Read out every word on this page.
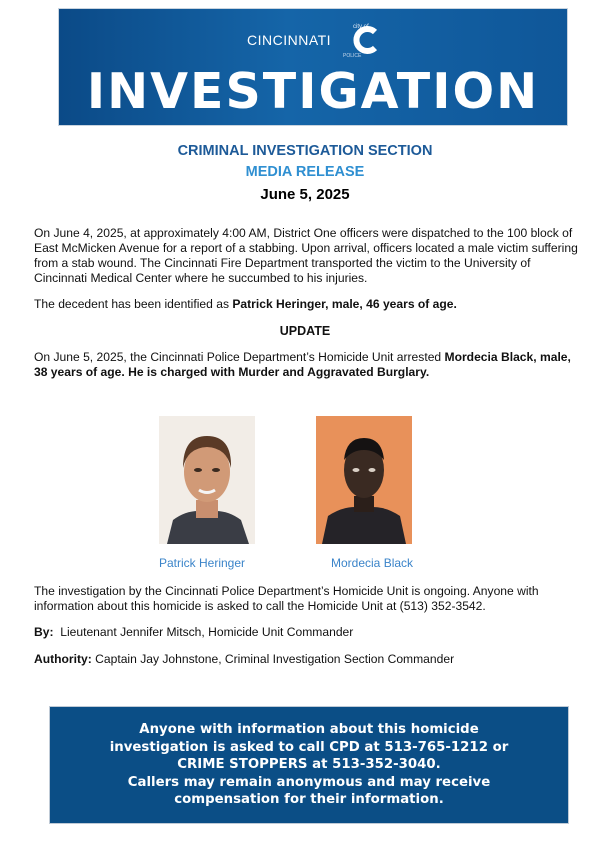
city of
CINCINNATI
POLICE
INVESTIGATION
CRIMINAL INVESTIGATION SECTION
MEDIA RELEASE
June 5, 2025

On June 4, 2025, at approximately 4:00 AM, District One officers were dispatched to the 100 block of East McMicken Avenue for a report of a stabbing. Upon arrival, officers located a male victim suffering from a stab wound. The Cincinnati Fire Department transported the victim to the University of Cincinnati Medical Center where he succumbed to his injuries.

The decedent has been identified as Patrick Heringer, male, 46 years of age.

UPDATE

On June 5, 2025, the Cincinnati Police Department’s Homicide Unit arrested Mordecia Black, male, 38 years of age. He is charged with Murder and Aggravated Burglary.

Patrick Heringer	Mordecia Black

The investigation by the Cincinnati Police Department’s Homicide Unit is ongoing. Anyone with information about this homicide is asked to call the Homicide Unit at (513) 352-3542.

By: Lieutenant Jennifer Mitsch, Homicide Unit Commander
Authority: Captain Jay Johnstone, Criminal Investigation Section Commander

Anyone with information about this homicide
investigation is asked to call CPD at 513-765-1212 or
CRIME STOPPERS at 513-352-3040.
Callers may remain anonymous and may receive
compensation for their information.
